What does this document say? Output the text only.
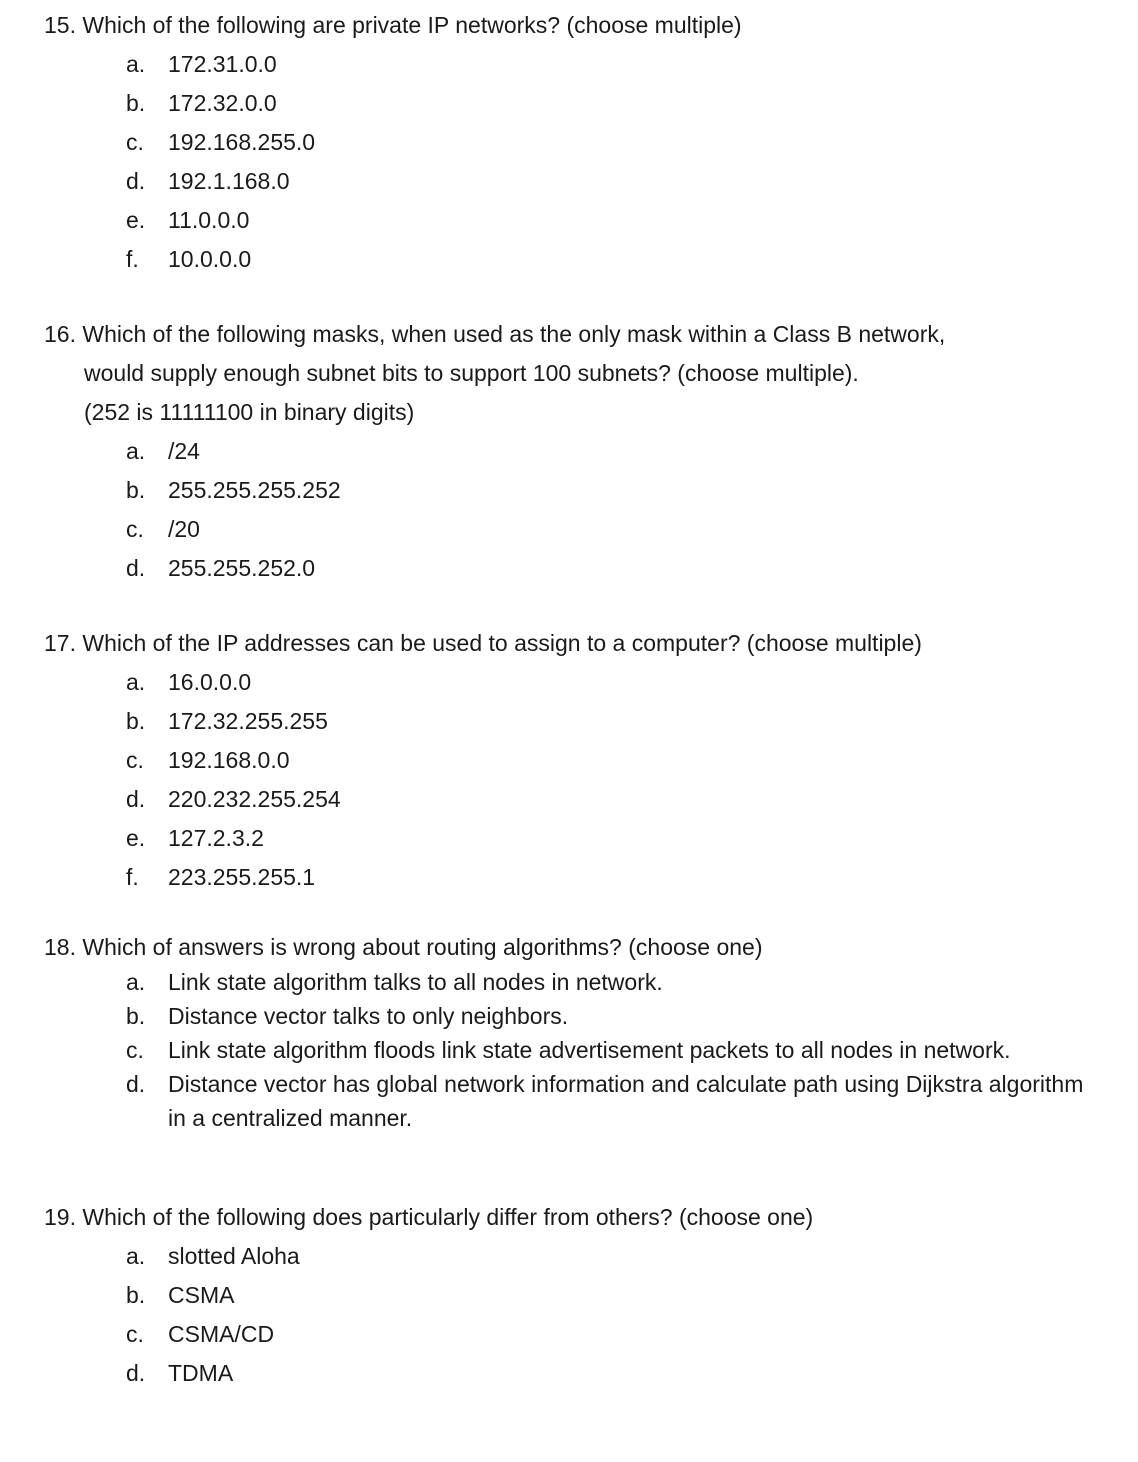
15. Which of the following are private IP networks? (choose multiple)
a. 172.31.0.0
b. 172.32.0.0
c. 192.168.255.0
d. 192.1.168.0
e. 11.0.0.0
f. 10.0.0.0
16. Which of the following masks, when used as the only mask within a Class B network,
would supply enough subnet bits to support 100 subnets? (choose multiple).
(252 is 11111100 in binary digits)
a. /24
b. 255.255.255.252
c. /20
d. 255.255.252.0
17. Which of the IP addresses can be used to assign to a computer? (choose multiple)
a. 16.0.0.0
b. 172.32.255.255
c. 192.168.0.0
d. 220.232.255.254
e. 127.2.3.2
f. 223.255.255.1
18. Which of answers is wrong about routing algorithms? (choose one)
a. Link state algorithm talks to all nodes in network.
b. Distance vector talks to only neighbors.
c. Link state algorithm floods link state advertisement packets to all nodes in network.
d. Distance vector has global network information and calculate path using Dijkstra algorithm in a centralized manner.
19. Which of the following does particularly differ from others? (choose one)
a. slotted Aloha
b. CSMA
c. CSMA/CD
d. TDMA
